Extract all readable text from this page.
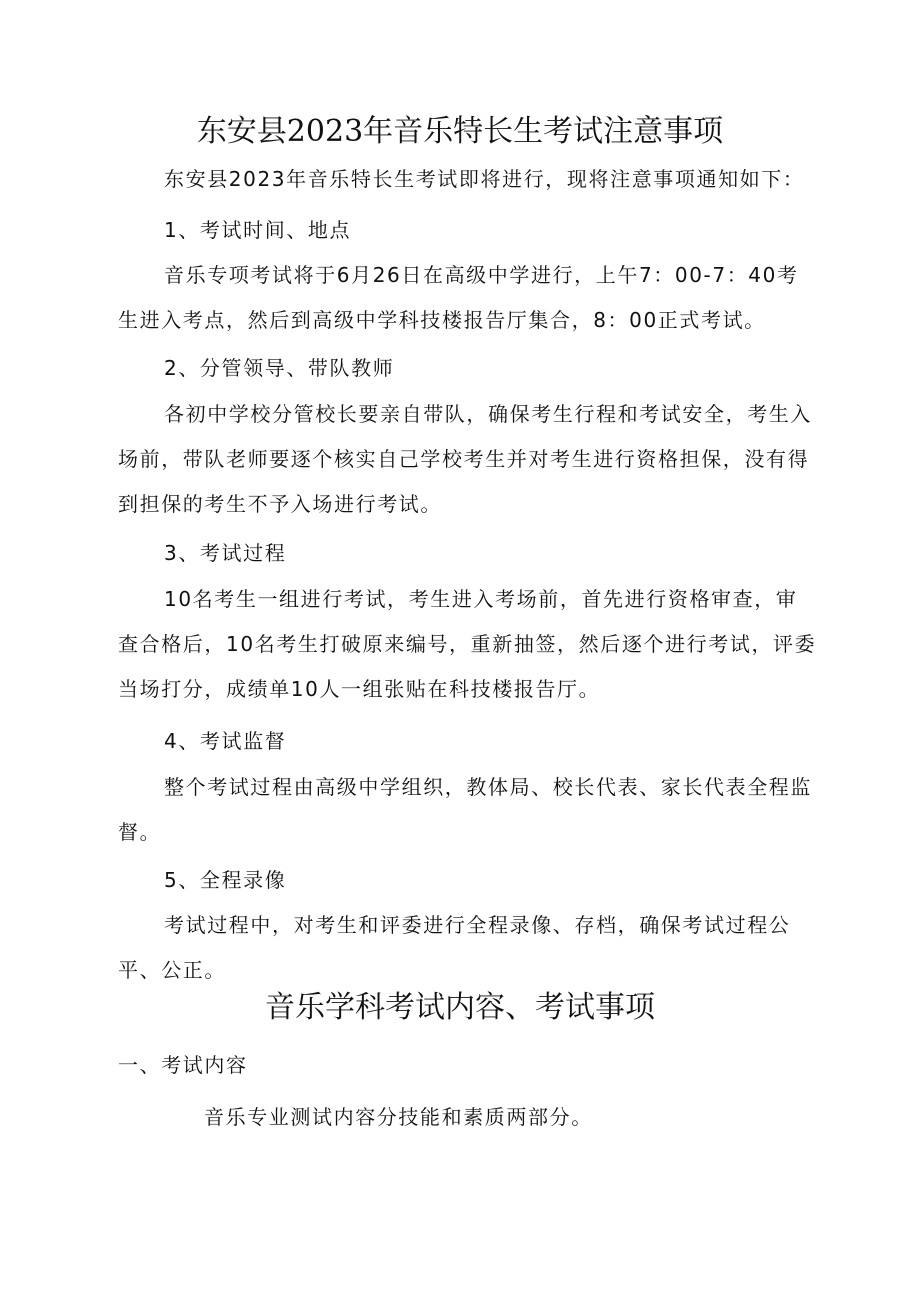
东安县2023年音乐特长生考试注意事项

东安县2023年音乐特长生考试即将进行，现将注意事项通知如下：

1、考试时间、地点

音乐专项考试将于6月26日在高级中学进行，上午7：00-7：40考生进入考点，然后到高级中学科技楼报告厅集合，8：00正式考试。

2、分管领导、带队教师

各初中学校分管校长要亲自带队，确保考生行程和考试安全，考生入场前，带队老师要逐个核实自己学校考生并对考生进行资格担保，没有得到担保的考生不予入场进行考试。

3、考试过程

10名考生一组进行考试，考生进入考场前，首先进行资格审查，审查合格后，10名考生打破原来编号，重新抽签，然后逐个进行考试，评委当场打分，成绩单10人一组张贴在科技楼报告厅。

4、考试监督

整个考试过程由高级中学组织，教体局、校长代表、家长代表全程监督。

5、全程录像

考试过程中，对考生和评委进行全程录像、存档，确保考试过程公平、公正。

音乐学科考试内容、考试事项
一、考试内容
音乐专业测试内容分技能和素质两部分。
